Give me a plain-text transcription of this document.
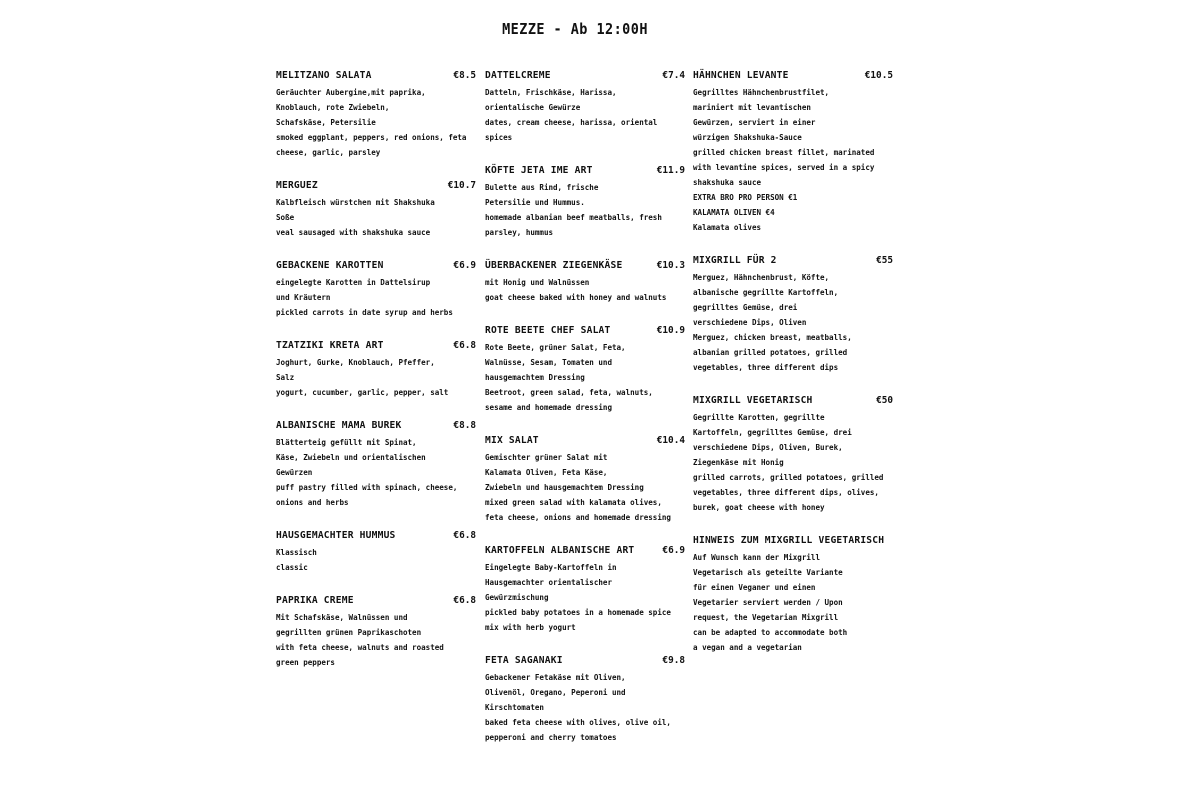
MEZZE - Ab 12:00H
MELITZANO SALATA	€8.5
Geräuchter Aubergine,mit paprika,
Knoblauch, rote Zwiebeln,
Schafskäse, Petersilie
smoked eggplant, peppers, red onions, feta
cheese, garlic, parsley
MERGUEZ	€10.7
Kalbfleisch würstchen mit Shakshuka
Soße
veal sausaged with shakshuka sauce
GEBACKENE KAROTTEN	€6.9
eingelegte Karotten in Dattelsirup
und Kräutern
pickled carrots in date syrup and herbs
TZATZIKI KRETA ART	€6.8
Joghurt, Gurke, Knoblauch, Pfeffer,
Salz
yogurt, cucumber, garlic, pepper, salt
ALBANISCHE MAMA BUREK	€8.8
Blätterteig gefüllt mit Spinat,
Käse, Zwiebeln und orientalischen
Gewürzen
puff pastry filled with spinach, cheese,
onions and herbs
HAUSGEMACHTER HUMMUS	€6.8
Klassisch
classic
PAPRIKA CREME	€6.8
Mit Schafskäse, Walnüssen und
gegrillten grünen Paprikaschoten
with feta cheese, walnuts and roasted
green peppers
DATTELCREME	€7.4
Datteln, Frischkäse, Harissa,
orientalische Gewürze
dates, cream cheese, harissa, oriental
spices
KÖFTE JETA IME ART	€11.9
Bulette aus Rind, frische
Petersilie und Hummus.
homemade albanian beef meatballs, fresh
parsley, hummus
ÜBERBACKENER ZIEGENKÄSE	€10.3
mit Honig und Walnüssen
goat cheese baked with honey and walnuts
ROTE BEETE CHEF SALAT	€10.9
Rote Beete, grüner Salat, Feta,
Walnüsse, Sesam, Tomaten und
hausgemachtem Dressing
Beetroot, green salad, feta, walnuts,
sesame and homemade dressing
MIX SALAT	€10.4
Gemischter grüner Salat mit
Kalamata Oliven, Feta Käse,
Zwiebeln und hausgemachtem Dressing
mixed green salad with kalamata olives,
feta cheese, onions and homemade dressing
KARTOFFELN ALBANISCHE ART	€6.9
Eingelegte Baby-Kartoffeln in
Hausgemachter orientalischer
Gewürzmischung
pickled baby potatoes in a homemade spice
mix with herb yogurt
FETA SAGANAKI	€9.8
Gebackener Fetakäse mit Oliven,
Olivenöl, Oregano, Peperoni und
Kirschtomaten
baked feta cheese with olives, olive oil,
pepperoni and cherry tomatoes
HÄHNCHEN LEVANTE	€10.5
Gegrilltes Hähnchenbrustfilet,
mariniert mit levantischen
Gewürzen, serviert in einer
würzigen Shakshuka-Sauce
grilled chicken breast fillet, marinated
with levantine spices, served in a spicy
shakshuka sauce
EXTRA BRO PRO PERSON €1
KALAMATA OLIVEN €4
Kalamata olives
MIXGRILL FÜR 2	€55
Merguez, Hähnchenbrust, Köfte,
albanische gegrillte Kartoffeln,
gegrilltes Gemüse, drei
verschiedene Dips, Oliven
Merguez, chicken breast, meatballs,
albanian grilled potatoes, grilled
vegetables, three different dips
MIXGRILL VEGETARISCH	€50
Gegrillte Karotten, gegrillte
Kartoffeln, gegrilltes Gemüse, drei
verschiedene Dips, Oliven, Burek,
Ziegenkäse mit Honig
grilled carrots, grilled potatoes, grilled
vegetables, three different dips, olives,
burek, goat cheese with honey
HINWEIS ZUM MIXGRILL VEGETARISCH
Auf Wunsch kann der Mixgrill
Vegetarisch als geteilte Variante
für einen Veganer und einen
Vegetarier serviert werden / Upon
request, the Vegetarian Mixgrill
can be adapted to accommodate both
a vegan and a vegetarian
